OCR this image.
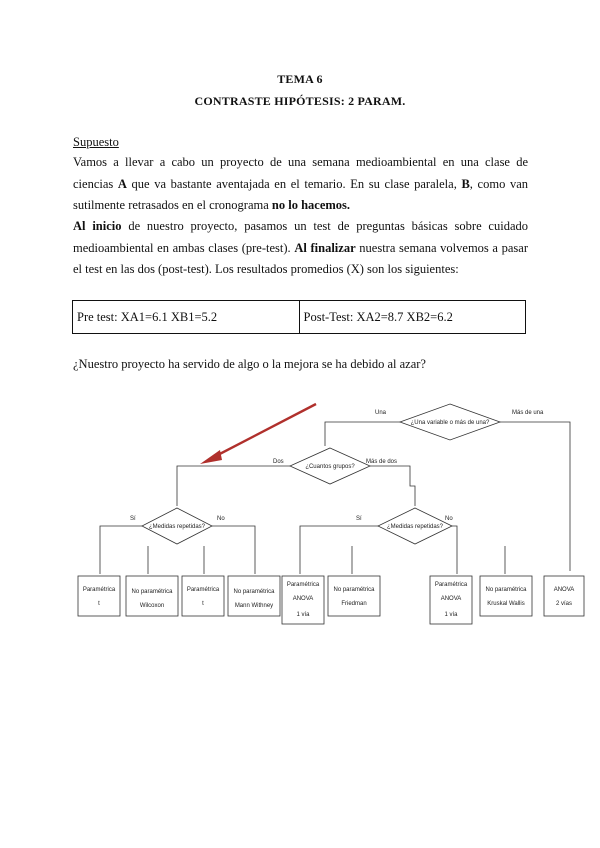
TEMA 6
CONTRASTE HIPÓTESIS: 2 PARAM.
Supuesto
Vamos a llevar a cabo un proyecto de una semana medioambiental en una clase de ciencias A que va bastante aventajada en el temario. En su clase paralela, B, como van sutilmente retrasados en el cronograma no lo hacemos.
Al inicio de nuestro proyecto, pasamos un test de preguntas básicas sobre cuidado medioambiental en ambas clases (pre-test). Al finalizar nuestra semana volvemos a pasar el test en las dos (post-test). Los resultados promedios (X) son los siguientes:
Pre test: XA1=6.1 XB1=5.2	Post-Test: XA2=8.7 XB2=6.2
¿Nuestro proyecto ha servido de algo o la mejora se ha debido al azar?
¿Una variable o más de una?
Una	Más de una
¿Cuantos grupos?
Dos	Más de dos
¿Medidas repetidas?
Sí	No
¿Medidas repetidas?
Sí	No
Paramétrica
t
No paramétrica
Wilcoxon
Paramétrica
t
No paramétrica
Mann Withney
Paramétrica
ANOVA
1 vía
No paramétrica
Friedman
Paramétrica
ANOVA
1 vía
No paramétrica
Kruskal Wallis
ANOVA
2 vías
